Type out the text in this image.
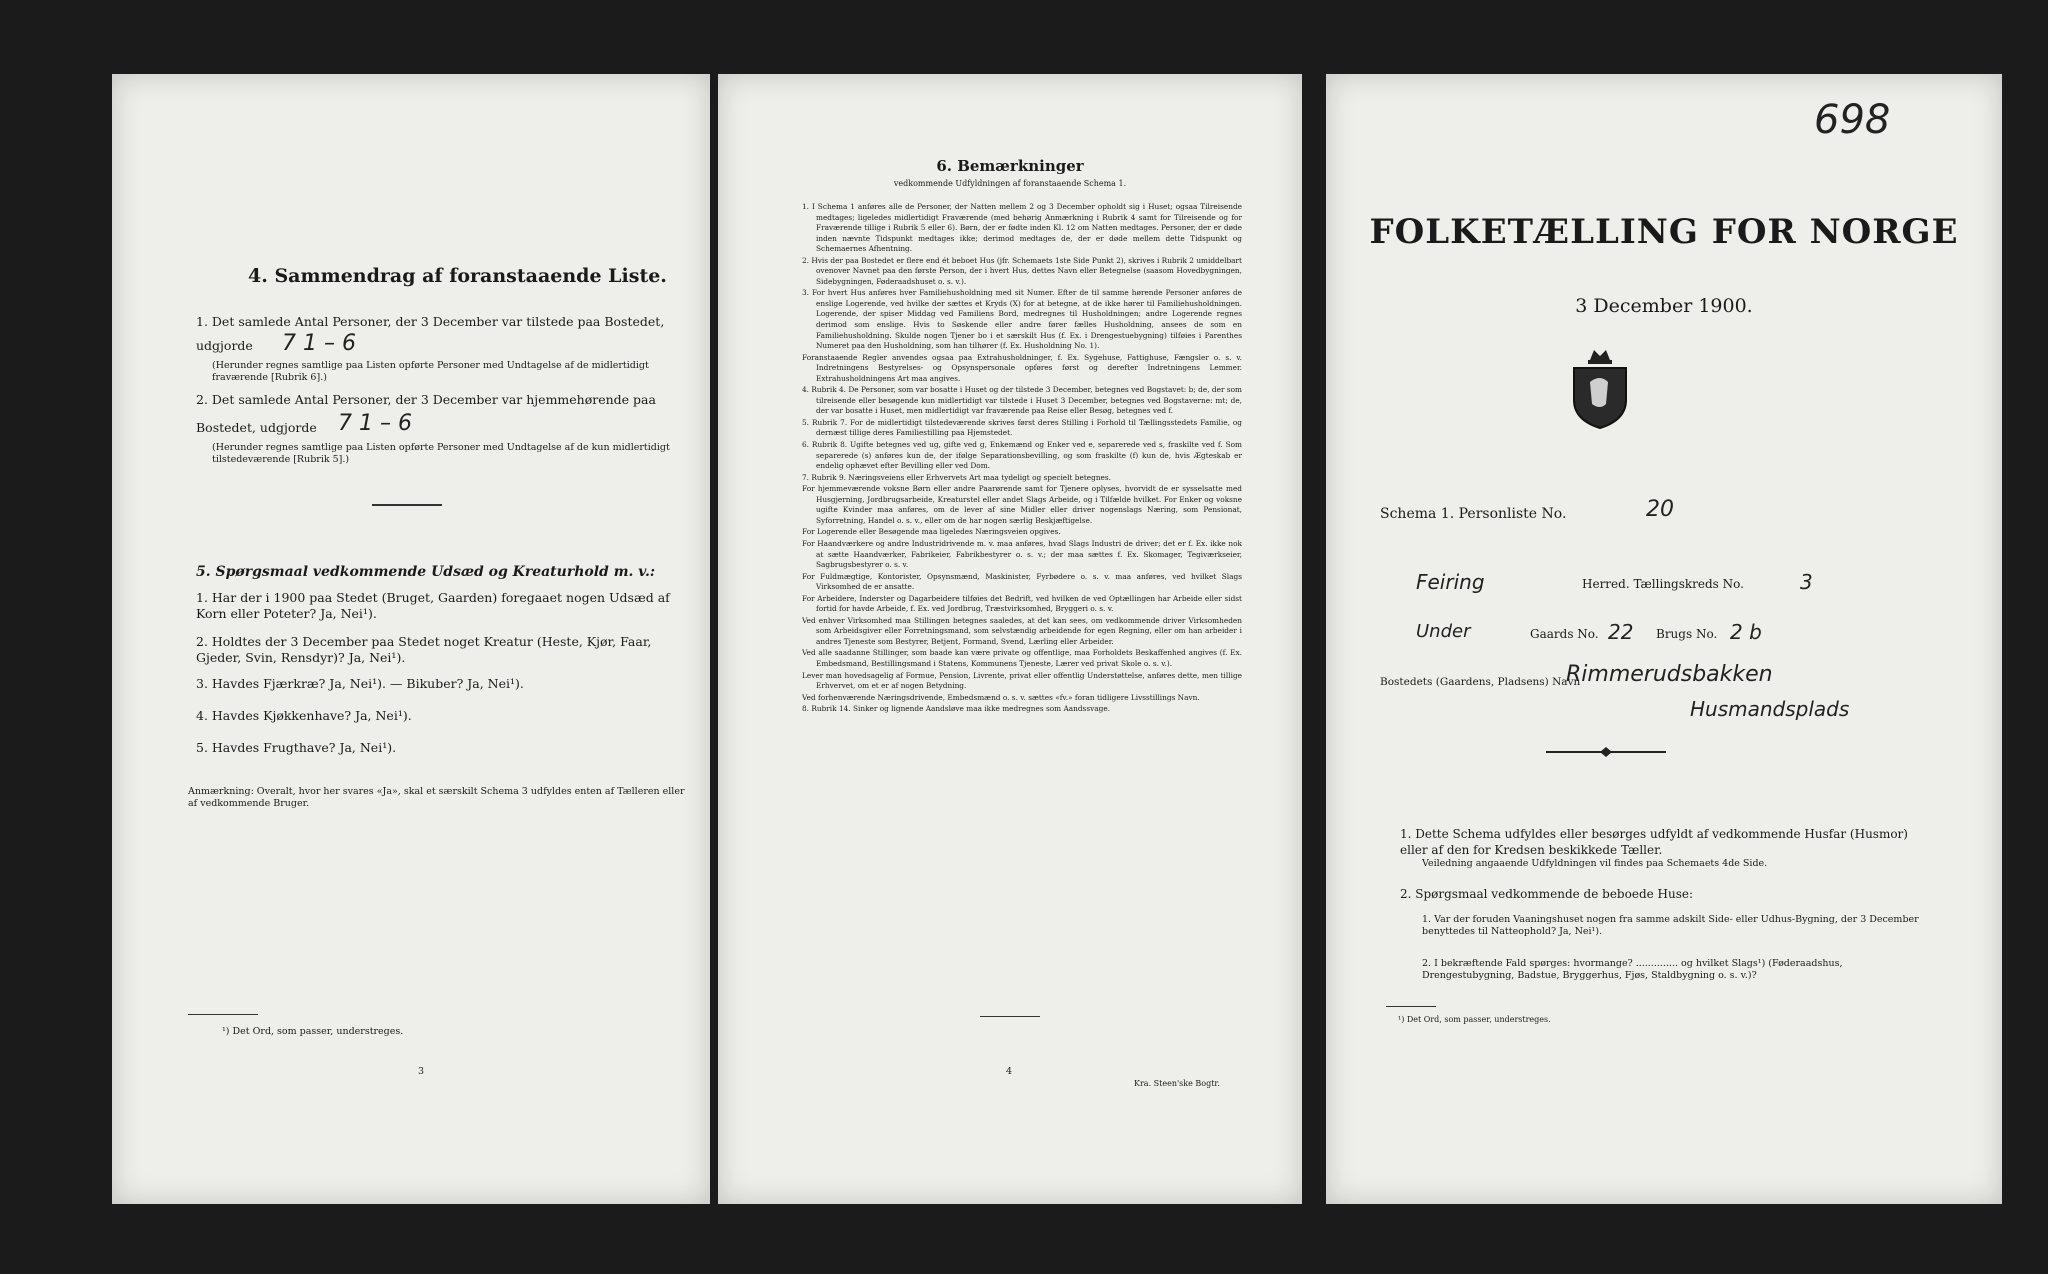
4. Sammendrag af foranstaaende Liste.
1. Det samlede Antal Personer, der 3 December var tilstede paa Bostedet,
udgjorde 7 1 – 6
(Herunder regnes samtlige paa Listen opførte Personer med Undtagelse af de midlertidigt fraværende [Rubrik 6].)
2. Det samlede Antal Personer, der 3 December var hjemmehørende paa
Bostedet, udgjorde 7 1 – 6
(Herunder regnes samtlige paa Listen opførte Personer med Undtagelse af de kun midlertidigt tilstedeværende [Rubrik 5].)
5. Spørgsmaal vedkommende Udsæd og Kreaturhold m. v.:
1. Har der i 1900 paa Stedet (Bruget, Gaarden) foregaaet nogen Udsæd af Korn eller Poteter? Ja, Nei¹).
2. Holdtes der 3 December paa Stedet noget Kreatur (Heste, Kjør, Faar, Gjeder, Svin, Rensdyr)? Ja, Nei¹).
3. Havdes Fjærkræ? Ja, Nei¹). — Bikuber? Ja, Nei¹).
4. Havdes Kjøkkenhave? Ja, Nei¹).
5. Havdes Frugthave? Ja, Nei¹).
Anmærkning: Overalt, hvor her svares «Ja», skal et særskilt Schema 3 udfyldes enten af Tælleren eller af vedkommende Bruger.
¹) Det Ord, som passer, understreges.
3
6. Bemærkninger
vedkommende Udfyldningen af foranstaaende Schema 1.

1. I Schema 1 anføres alle de Personer, der Natten mellem 2 og 3 December opholdt sig i Huset; ogsaa Tilreisende medtages; ligeledes midlertidigt Fraværende (med behørig Anmærkning i Rubrik 4 samt for Tilreisende og for Fraværende tillige i Rubrik 5 eller 6). Børn, der er fødte inden Kl. 12 om Natten medtages. Personer, der er døde inden nævnte Tidspunkt medtages ikke; derimod medtages de, der er døde mellem dette Tidspunkt og Schemaernes Afhentning.

2. Hvis der paa Bostedet er flere end ét beboet Hus (jfr. Schemaets 1ste Side Punkt 2), skrives i Rubrik 2 umiddelbart ovenover Navnet paa den første Person, der i hvert Hus, dettes Navn eller Betegnelse (saasom Hovedbygningen, Sidebygningen, Føderaadshuset o. s. v.).

3. For hvert Hus anføres hver Familiehusholdning med sit Numer. Efter de til samme hørende Personer anføres de enslige Logerende, ved hvilke der sættes et Kryds (X) for at betegne, at de ikke hører til Familiehusholdningen. Logerende, der spiser Middag ved Familiens Bord, medregnes til Husholdningen; andre Logerende regnes derimod som enslige. Hvis to Søskende eller andre fører fælles Husholdning, ansees de som en Familiehusholdning. Skulde nogen Tjener bo i et særskilt Hus (f. Ex. i Drengestuebygning) tilføies i Parenthes Numeret paa den Husholdning, som han tilhører (f. Ex. Husholdning No. 1).

Foranstaaende Regler anvendes ogsaa paa Extrahusholdninger, f. Ex. Sygehuse, Fattighuse, Fængsler o. s. v. Indretningens Bestyrelses- og Opsynspersonale opføres først og derefter Indretningens Lemmer. Extrahusholdningens Art maa angives.

4. Rubrik 4. De Personer, som var bosatte i Huset og der tilstede 3 December, betegnes ved Bogstavet: b; de, der som tilreisende eller besøgende kun midlertidigt var tilstede i Huset 3 December, betegnes ved Bogstaverne: mt; de, der var bosatte i Huset, men midlertidigt var fraværende paa Reise eller Besøg, betegnes ved f.

5. Rubrik 7. For de midlertidigt tilstedeværende skrives først deres Stilling i Forhold til Tællingsstedets Familie, og dernæst tillige deres Familiestilling paa Hjemstedet.

6. Rubrik 8. Ugifte betegnes ved ug, gifte ved g, Enkemænd og Enker ved e, separerede ved s, fraskilte ved f. Som separerede (s) anføres kun de, der ifølge Separationsbevilling, og som fraskilte (f) kun de, hvis Ægteskab er endelig ophævet efter Bevilling eller ved Dom.

7. Rubrik 9. Næringsveiens eller Erhvervets Art maa tydeligt og specielt betegnes.

For hjemmeværende voksne Børn eller andre Paarørende samt for Tjenere oplyses, hvorvidt de er sysselsatte med Husgjerning, Jordbrugsarbeide, Kreaturstel eller andet Slags Arbeide, og i Tilfælde hvilket. For Enker og voksne ugifte Kvinder maa anføres, om de lever af sine Midler eller driver nogenslags Næring, som Pensionat, Syforretning, Handel o. s. v., eller om de har nogen særlig Beskjæftigelse.

For Logerende eller Besøgende maa ligeledes Næringsveien opgives.

For Haandværkere og andre Industridrivende m. v. maa anføres, hvad Slags Industri de driver; det er f. Ex. ikke nok at sætte Haandværker, Fabrikeier, Fabrikbestyrer o. s. v.; der maa sættes f. Ex. Skomager, Tegiværkseier, Sagbrugsbestyrer o. s. v.

For Fuldmægtige, Kontorister, Opsynsmænd, Maskinister, Fyrbødere o. s. v. maa anføres, ved hvilket Slags Virksomhed de er ansatte.

For Arbeidere, Inderster og Dagarbeidere tilføies det Bedrift, ved hvilken de ved Optællingen har Arbeide eller sidst fortid for havde Arbeide, f. Ex. ved Jordbrug, Træstvirksomhed, Bryggeri o. s. v.

Ved enhver Virksomhed maa Stillingen betegnes saaledes, at det kan sees, om vedkommende driver Virksomheden som Arbeidsgiver eller Forretningsmand, som selvstændig arbeidende for egen Regning, eller om han arbeider i andres Tjeneste som Bestyrer, Betjent, Formand, Svend, Lærling eller Arbeider.

Ved alle saadanne Stillinger, som baade kan være private og offentlige, maa Forholdets Beskaffenhed angives (f. Ex. Embedsmand, Bestillingsmand i Statens, Kommunens Tjeneste, Lærer ved privat Skole o. s. v.).

Lever man hovedsagelig af Formue, Pension, Livrente, privat eller offentlig Understøttelse, anføres dette, men tillige Erhvervet, om et er af nogen Betydning.

Ved forhenværende Næringsdrivende, Embedsmænd o. s. v. sættes «fv.» foran tidligere Livsstillings Navn.

8. Rubrik 14. Sinker og lignende Aandsløve maa ikke medregnes som Aandssvage.

4
Kra. Steen'ske Bogtr.
698
FOLKETÆLLING FOR NORGE
3 December 1900.
Schema 1. Personliste No.	20
Feiring	Herred. Tællingskreds No.	3
Under	Gaards No. 22 Brugs No. 2 b
Bostedets (Gaardens, Pladsens) Navn
Rimmerudsbakken
Husmandsplads
1. Dette Schema udfyldes eller besørges udfyldt af vedkommende Husfar (Husmor) eller af den for Kredsen beskikkede Tæller.
Veiledning angaaende Udfyldningen vil findes paa Schemaets 4de Side.
2. Spørgsmaal vedkommende de beboede Huse:
1. Var der foruden Vaaningshuset nogen fra samme adskilt Side- eller Udhus-Bygning, der 3 December benyttedes til Natteophold? Ja, Nei¹).
2. I bekræftende Fald spørges: hvormange? .............. og hvilket Slags¹) (Føderaadshus, Drengestubygning, Badstue, Bryggerhus, Fjøs, Staldbygning o. s. v.)?
¹) Det Ord, som passer, understreges.
